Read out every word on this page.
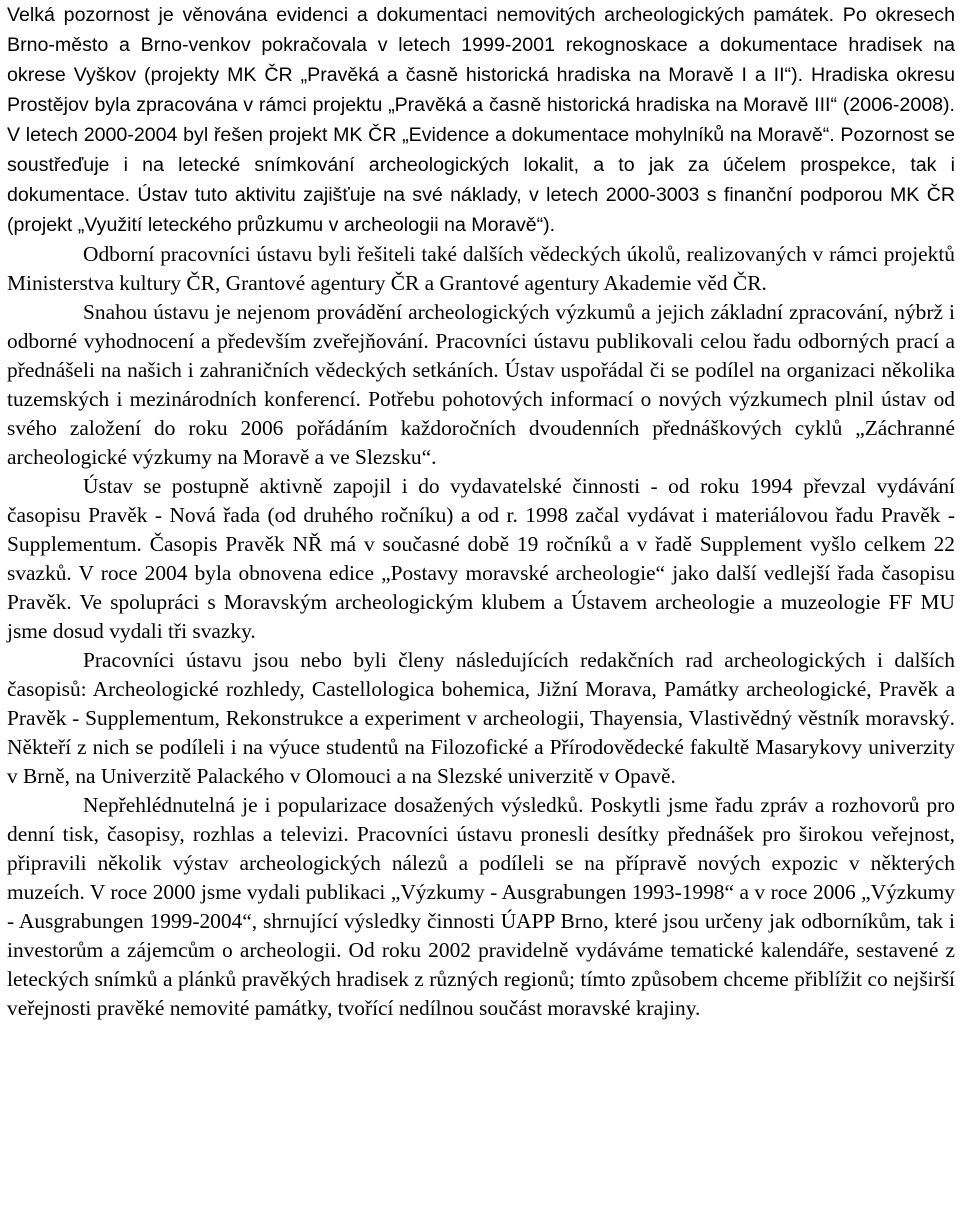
Velká pozornost je věnována evidenci a dokumentaci nemovitých archeologických památek. Po okresech Brno-město a Brno-venkov pokračovala v letech 1999-2001 rekognoskace a dokumentace hradisek na okrese Vyškov (projekty MK ČR „Pravěká a časně historická hradiska na Moravě I a II“). Hradiska okresu Prostějov byla zpracována v rámci projektu „Pravěká a časně historická hradiska na Moravě III“ (2006-2008). V letech 2000-2004 byl řešen projekt MK ČR „Evidence a dokumentace mohylníků na Moravě“. Pozornost se soustřeďuje i na letecké snímkování archeologických lokalit, a to jak za účelem prospekce, tak i dokumentace. Ústav tuto aktivitu zajišťuje na své náklady, v letech 2000-3003 s finanční podporou MK ČR (projekt „Využití leteckého průzkumu v archeologii na Moravě“).

Odborní pracovníci ústavu byli řešiteli také dalších vědeckých úkolů, realizovaných v rámci projektů Ministerstva kultury ČR, Grantové agentury ČR a Grantové agentury Akademie věd ČR.

Snahou ústavu je nejenom provádění archeologických výzkumů a jejich základní zpracování, nýbrž i odborné vyhodnocení a především zveřejňování. Pracovníci ústavu publikovali celou řadu odborných prací a přednášeli na našich i zahraničních vědeckých setkáních. Ústav uspořádal či se podílel na organizaci několika tuzemských i mezinárodních konferencí. Potřebu pohotových informací o nových výzkumech plnil ústav od svého založení do roku 2006 pořádáním každoročních dvoudenních přednáškových cyklů „Záchranné archeologické výzkumy na Moravě a ve Slezsku“.

Ústav se postupně aktivně zapojil i do vydavatelské činnosti - od roku 1994 převzal vydávání časopisu Pravěk - Nová řada (od druhého ročníku) a od r. 1998 začal vydávat i materiálovou řadu Pravěk - Supplementum. Časopis Pravěk NŘ má v současné době 19 ročníků a v řadě Supplement vyšlo celkem 22 svazků. V roce 2004 byla obnovena edice „Postavy moravské archeologie“ jako další vedlejší řada časopisu Pravěk. Ve spolupráci s Moravským archeologickým klubem a Ústavem archeologie a muzeologie FF MU jsme dosud vydali tři svazky.

Pracovníci ústavu jsou nebo byli členy následujících redakčních rad archeologických i dalších časopisů: Archeologické rozhledy, Castellologica bohemica, Jižní Morava, Památky archeologické, Pravěk a Pravěk - Supplementum, Rekonstrukce a experiment v archeologii, Thayensia, Vlastivědný věstník moravský. Někteří z nich se podíleli i na výuce studentů na Filozofické a Přírodovědecké fakultě Masarykovy univerzity v Brně, na Univerzitě Palackého v Olomouci a na Slezské univerzitě v Opavě.

Nepřehlédnutelná je i popularizace dosažených výsledků. Poskytli jsme řadu zpráv a rozhovorů pro denní tisk, časopisy, rozhlas a televizi. Pracovníci ústavu pronesli desítky přednášek pro širokou veřejnost, připravili několik výstav archeologických nálezů a podíleli se na přípravě nových expozic v některých muzeích. V roce 2000 jsme vydali publikaci „Výzkumy - Ausgrabungen 1993-1998“ a v roce 2006 „Výzkumy - Ausgrabungen 1999-2004“, shrnující výsledky činnosti ÚAPP Brno, které jsou určeny jak odborníkům, tak i investorům a zájemcům o archeologii. Od roku 2002 pravidelně vydáváme tematické kalendáře, sestavené z leteckých snímků a plánků pravěkých hradisek z různých regionů; tímto způsobem chceme přiblížit co nejširší veřejnosti pravěké nemovité památky, tvořící nedílnou součást moravské krajiny.
